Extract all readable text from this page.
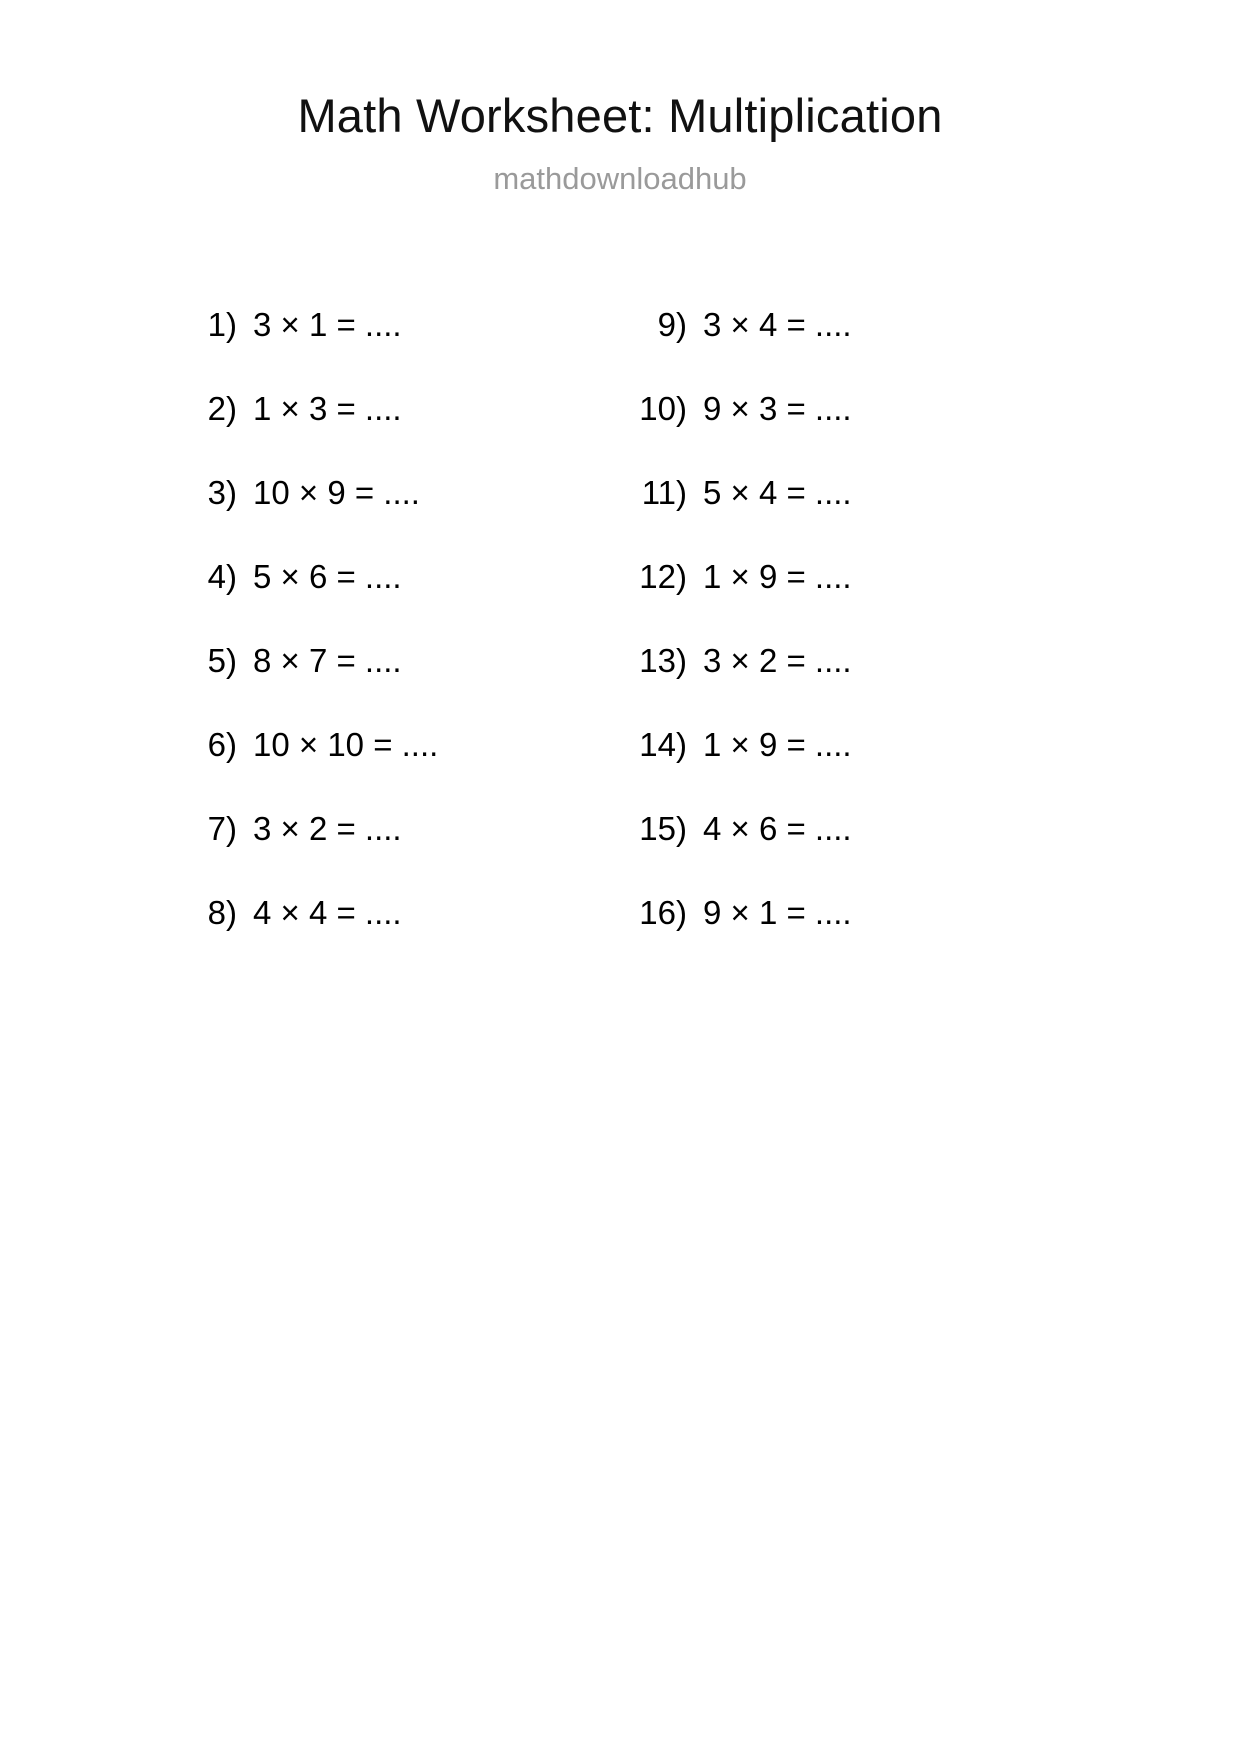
Math Worksheet: Multiplication
mathdownloadhub
1) 3 × 1 = ....
2) 1 × 3 = ....
3) 10 × 9 = ....
4) 5 × 6 = ....
5) 8 × 7 = ....
6) 10 × 10 = ....
7) 3 × 2 = ....
8) 4 × 4 = ....
9) 3 × 4 = ....
10) 9 × 3 = ....
11) 5 × 4 = ....
12) 1 × 9 = ....
13) 3 × 2 = ....
14) 1 × 9 = ....
15) 4 × 6 = ....
16) 9 × 1 = ....
